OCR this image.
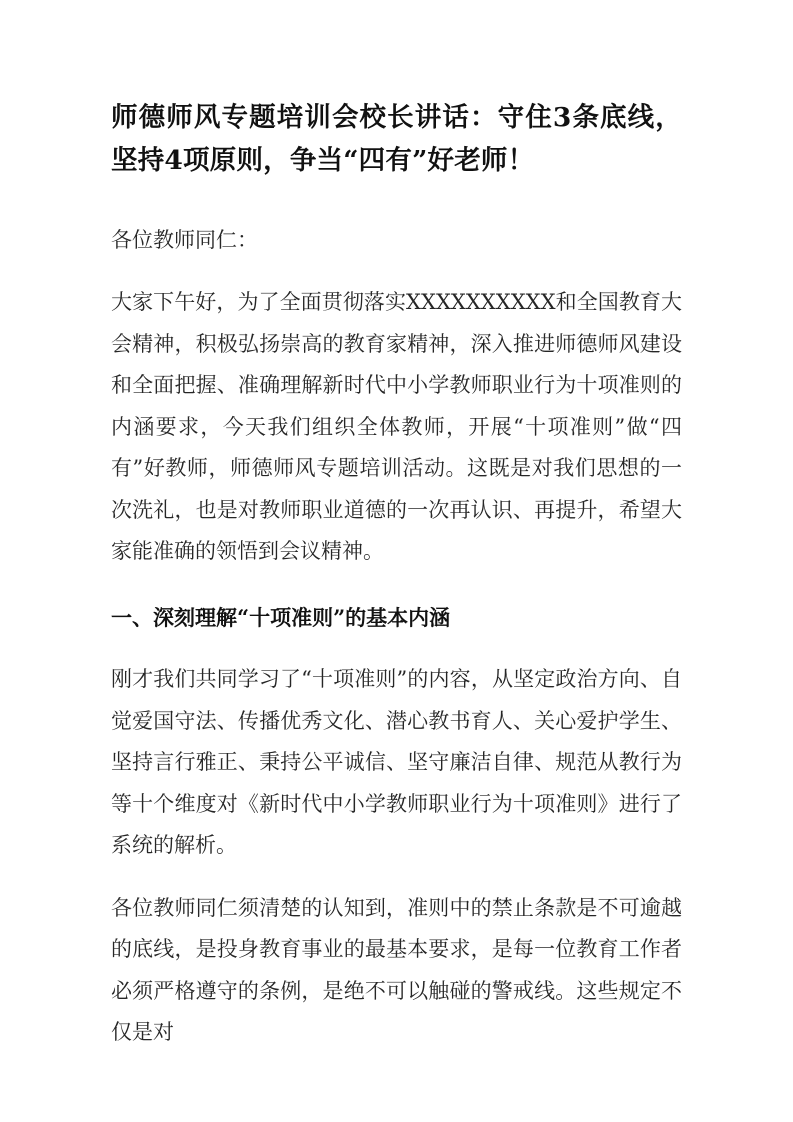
师德师风专题培训会校长讲话：守住3条底线，坚持4项原则，争当“四有”好老师！

各位教师同仁：

大家下午好，为了全面贯彻落实XXXXXXXXXX和全国教育大会精神，积极弘扬崇高的教育家精神，深入推进师德师风建设和全面把握、准确理解新时代中小学教师职业行为十项准则的内涵要求，今天我们组织全体教师，开展“十项准则”做“四有”好教师，师德师风专题培训活动。这既是对我们思想的一次洗礼，也是对教师职业道德的一次再认识、再提升，希望大家能准确的领悟到会议精神。

一、深刻理解“十项准则”的基本内涵

刚才我们共同学习了“十项准则”的内容，从坚定政治方向、自觉爱国守法、传播优秀文化、潜心教书育人、关心爱护学生、坚持言行雅正、秉持公平诚信、坚守廉洁自律、规范从教行为等十个维度对《新时代中小学教师职业行为十项准则》进行了系统的解析。

各位教师同仁须清楚的认知到，准则中的禁止条款是不可逾越的底线，是投身教育事业的最基本要求，是每一位教育工作者必须严格遵守的条例，是绝不可以触碰的警戒线。这些规定不仅是对
